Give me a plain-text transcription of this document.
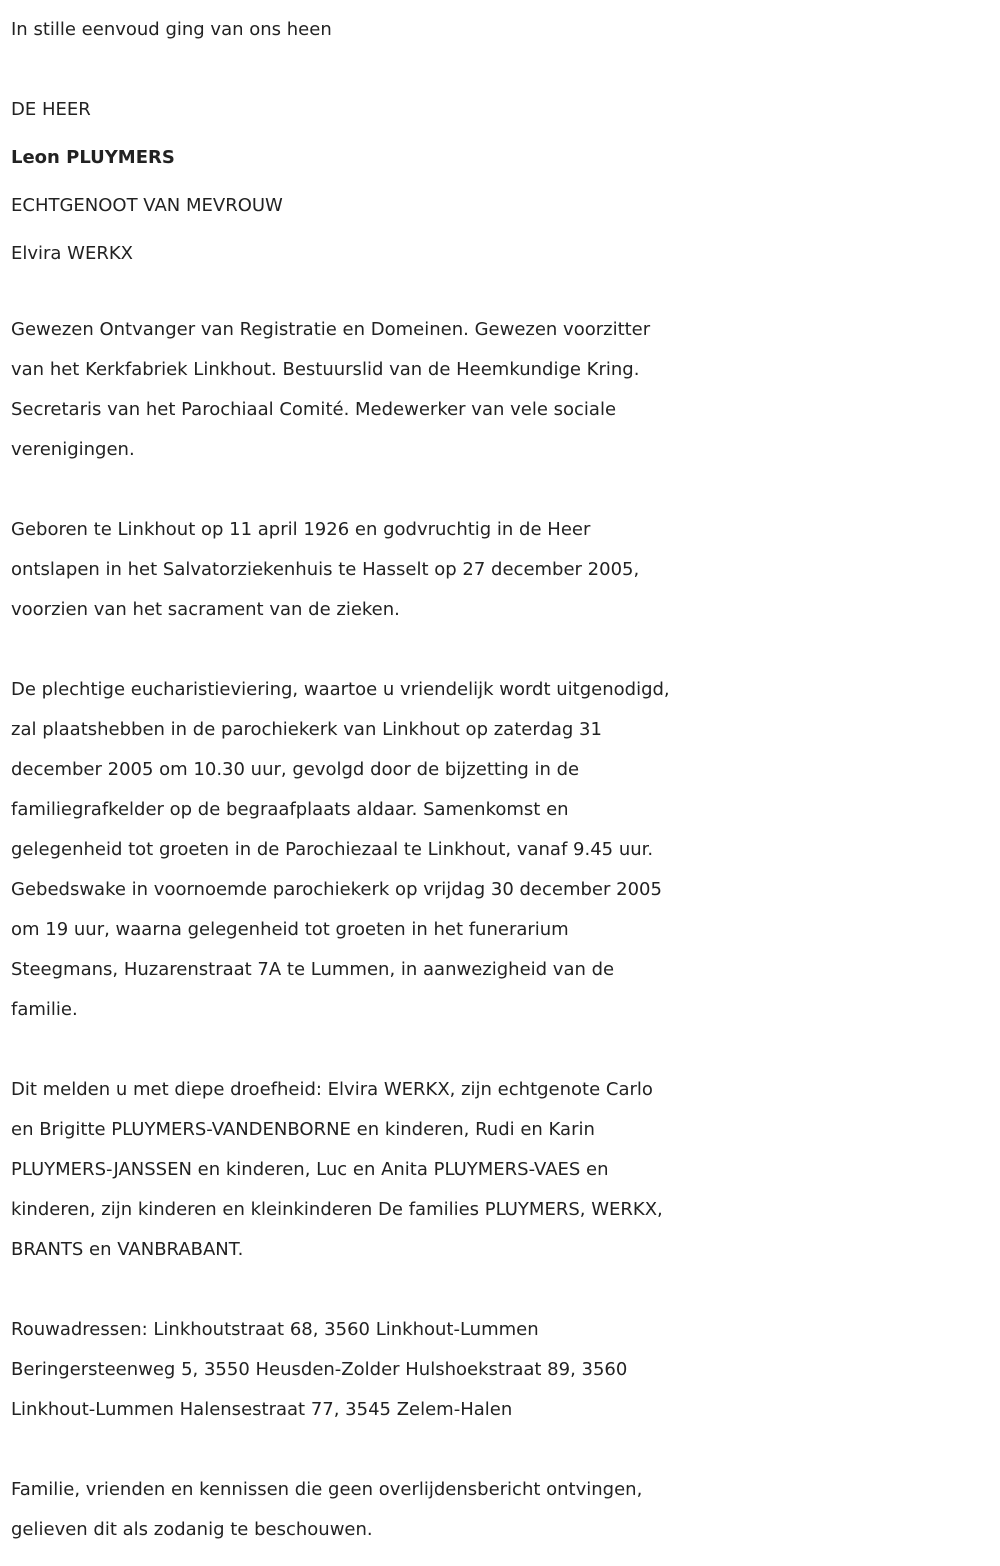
In stille eenvoud ging van ons heen

DE HEER

Leon PLUYMERS

ECHTGENOOT VAN MEVROUW

Elvira WERKX

Gewezen Ontvanger van Registratie en Domeinen. Gewezen voorzitter

van het Kerkfabriek Linkhout. Bestuurslid van de Heemkundige Kring.

Secretaris van het Parochiaal Comité. Medewerker van vele sociale

verenigingen.

Geboren te Linkhout op 11 april 1926 en godvruchtig in de Heer

ontslapen in het Salvatorziekenhuis te Hasselt op 27 december 2005,

voorzien van het sacrament van de zieken.

De plechtige eucharistieviering, waartoe u vriendelijk wordt uitgenodigd,

zal plaatshebben in de parochiekerk van Linkhout op zaterdag 31

december 2005 om 10.30 uur, gevolgd door de bijzetting in de

familiegrafkelder op de begraafplaats aldaar. Samenkomst en

gelegenheid tot groeten in de Parochiezaal te Linkhout, vanaf 9.45 uur.

Gebedswake in voornoemde parochiekerk op vrijdag 30 december 2005

om 19 uur, waarna gelegenheid tot groeten in het funerarium

Steegmans, Huzarenstraat 7A te Lummen, in aanwezigheid van de

familie.

Dit melden u met diepe droefheid: Elvira WERKX, zijn echtgenote Carlo

en Brigitte PLUYMERS-VANDENBORNE en kinderen, Rudi en Karin

PLUYMERS-JANSSEN en kinderen, Luc en Anita PLUYMERS-VAES en

kinderen, zijn kinderen en kleinkinderen De families PLUYMERS, WERKX,

BRANTS en VANBRABANT.

Rouwadressen: Linkhoutstraat 68, 3560 Linkhout-Lummen

Beringersteenweg 5, 3550 Heusden-Zolder Hulshoekstraat 89, 3560

Linkhout-Lummen Halensestraat 77, 3545 Zelem-Halen

Familie, vrienden en kennissen die geen overlijdensbericht ontvingen,

gelieven dit als zodanig te beschouwen.
